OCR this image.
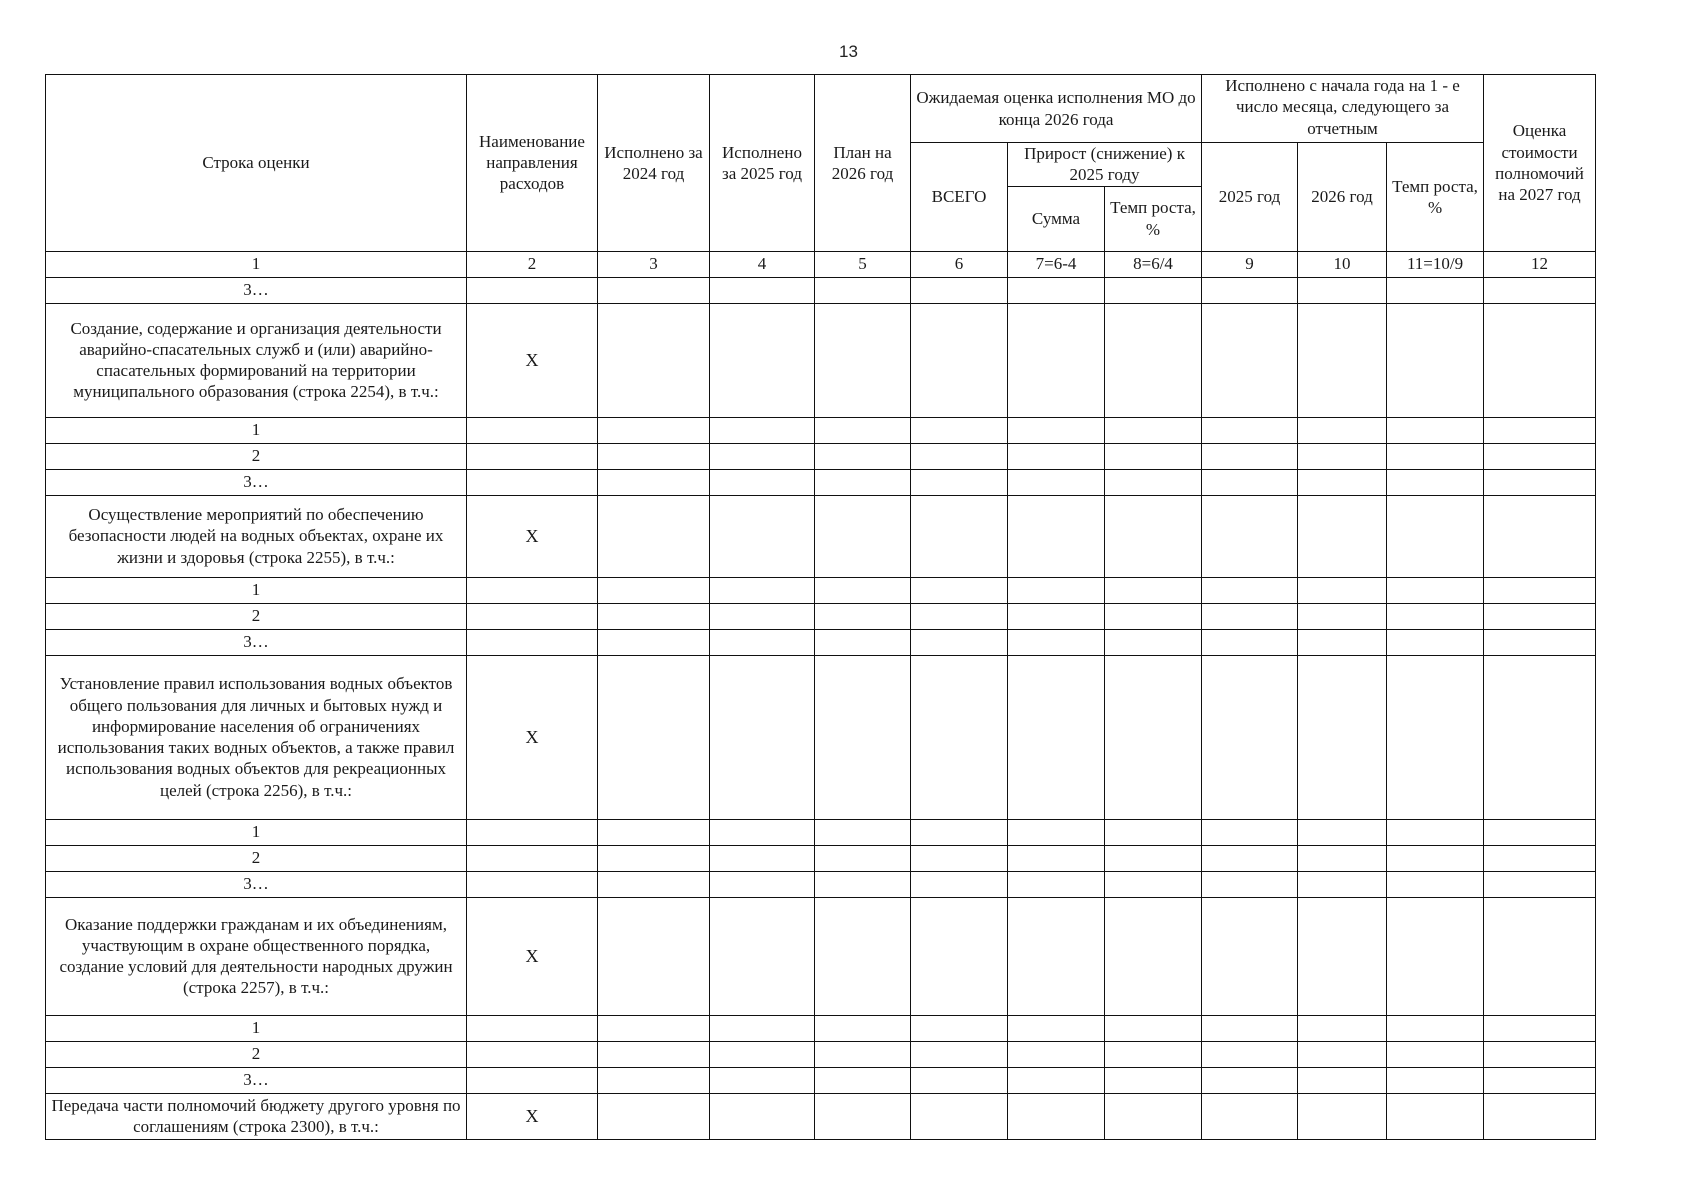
13
Строка оценки	Наименование направления расходов	Исполнено за 2024 год	Исполнено за 2025 год	План на 2026 год	Ожидаемая оценка исполнения МО до конца 2026 года			Исполнено с начала года на 1 - е число месяца, следующего за отчетным			Оценка стоимости полномочий на 2027 год
					ВСЕГО	Прирост (снижение) к 2025 году		2025 год	2026 год	Темп роста, %	
						Сумма	Темп роста, %				
1	2	3	4	5	6	7=6-4	8=6/4	9	10	11=10/9	12
3…											
Создание, содержание и организация деятельности аварийно-спасательных служб и (или) аварийно-спасательных формирований на территории муниципального образования (строка 2254), в т.ч.:	X										
1											
2											
3…											
Осуществление мероприятий по обеспечению безопасности людей на водных объектах, охране их жизни и здоровья (строка 2255), в т.ч.:	X										
1											
2											
3…											
Установление правил использования водных объектов общего пользования для личных и бытовых нужд и информирование населения об ограничениях использования таких водных объектов, а также правил использования водных объектов для рекреационных целей (строка 2256), в т.ч.:	X										
1											
2											
3…											
Оказание поддержки гражданам и их объединениям, участвующим в охране общественного порядка, создание условий для деятельности народных дружин (строка 2257), в т.ч.:	X										
1											
2											
3…											
Передача части полномочий бюджету другого уровня по соглашениям (строка 2300), в т.ч.:	X										
